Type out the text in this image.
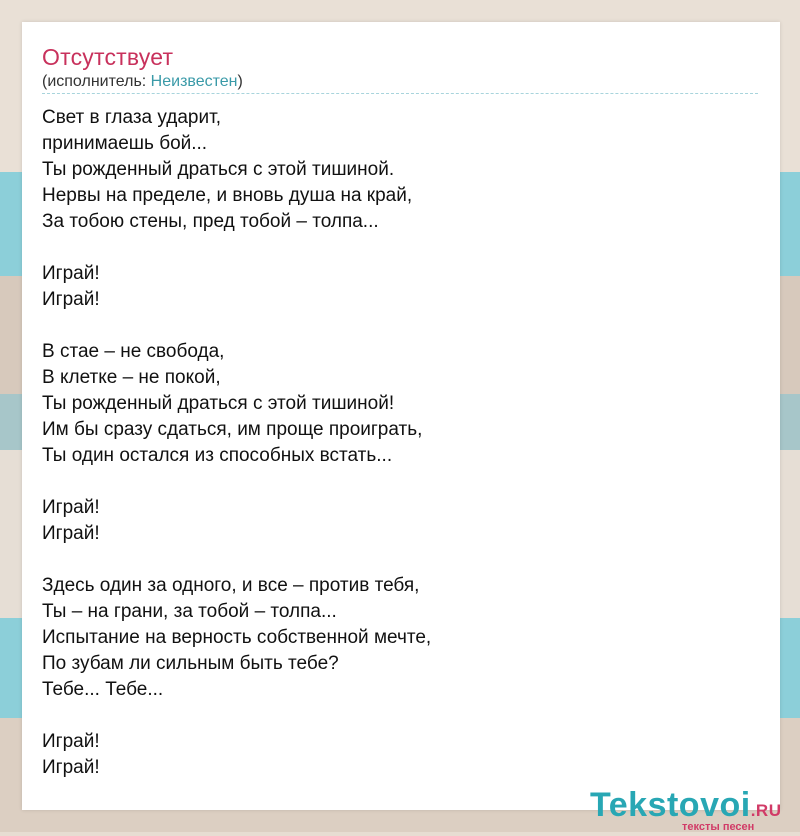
Отсутствует
(исполнитель: Неизвестен)
Свет в глаза ударит,
принимаешь бой...
Ты рожденный драться с этой тишиной.
Нервы на пределе, и вновь душа на край,
За тобою стены, пред тобой – толпа...
Играй!
Играй!
В стае – не свобода,
В клетке – не покой,
Ты рожденный драться с этой тишиной!
Им бы сразу сдаться, им проще проиграть,
Ты один остался из способных встать...
Играй!
Играй!
Здесь один за одного, и все – против тебя,
Ты – на грани, за тобой – толпа...
Испытание на верность собственной мечте,
По зубам ли сильным быть тебе?
Тебе... Тебе...
Играй!
Играй!
Tekstovoi.RU
тексты песен
